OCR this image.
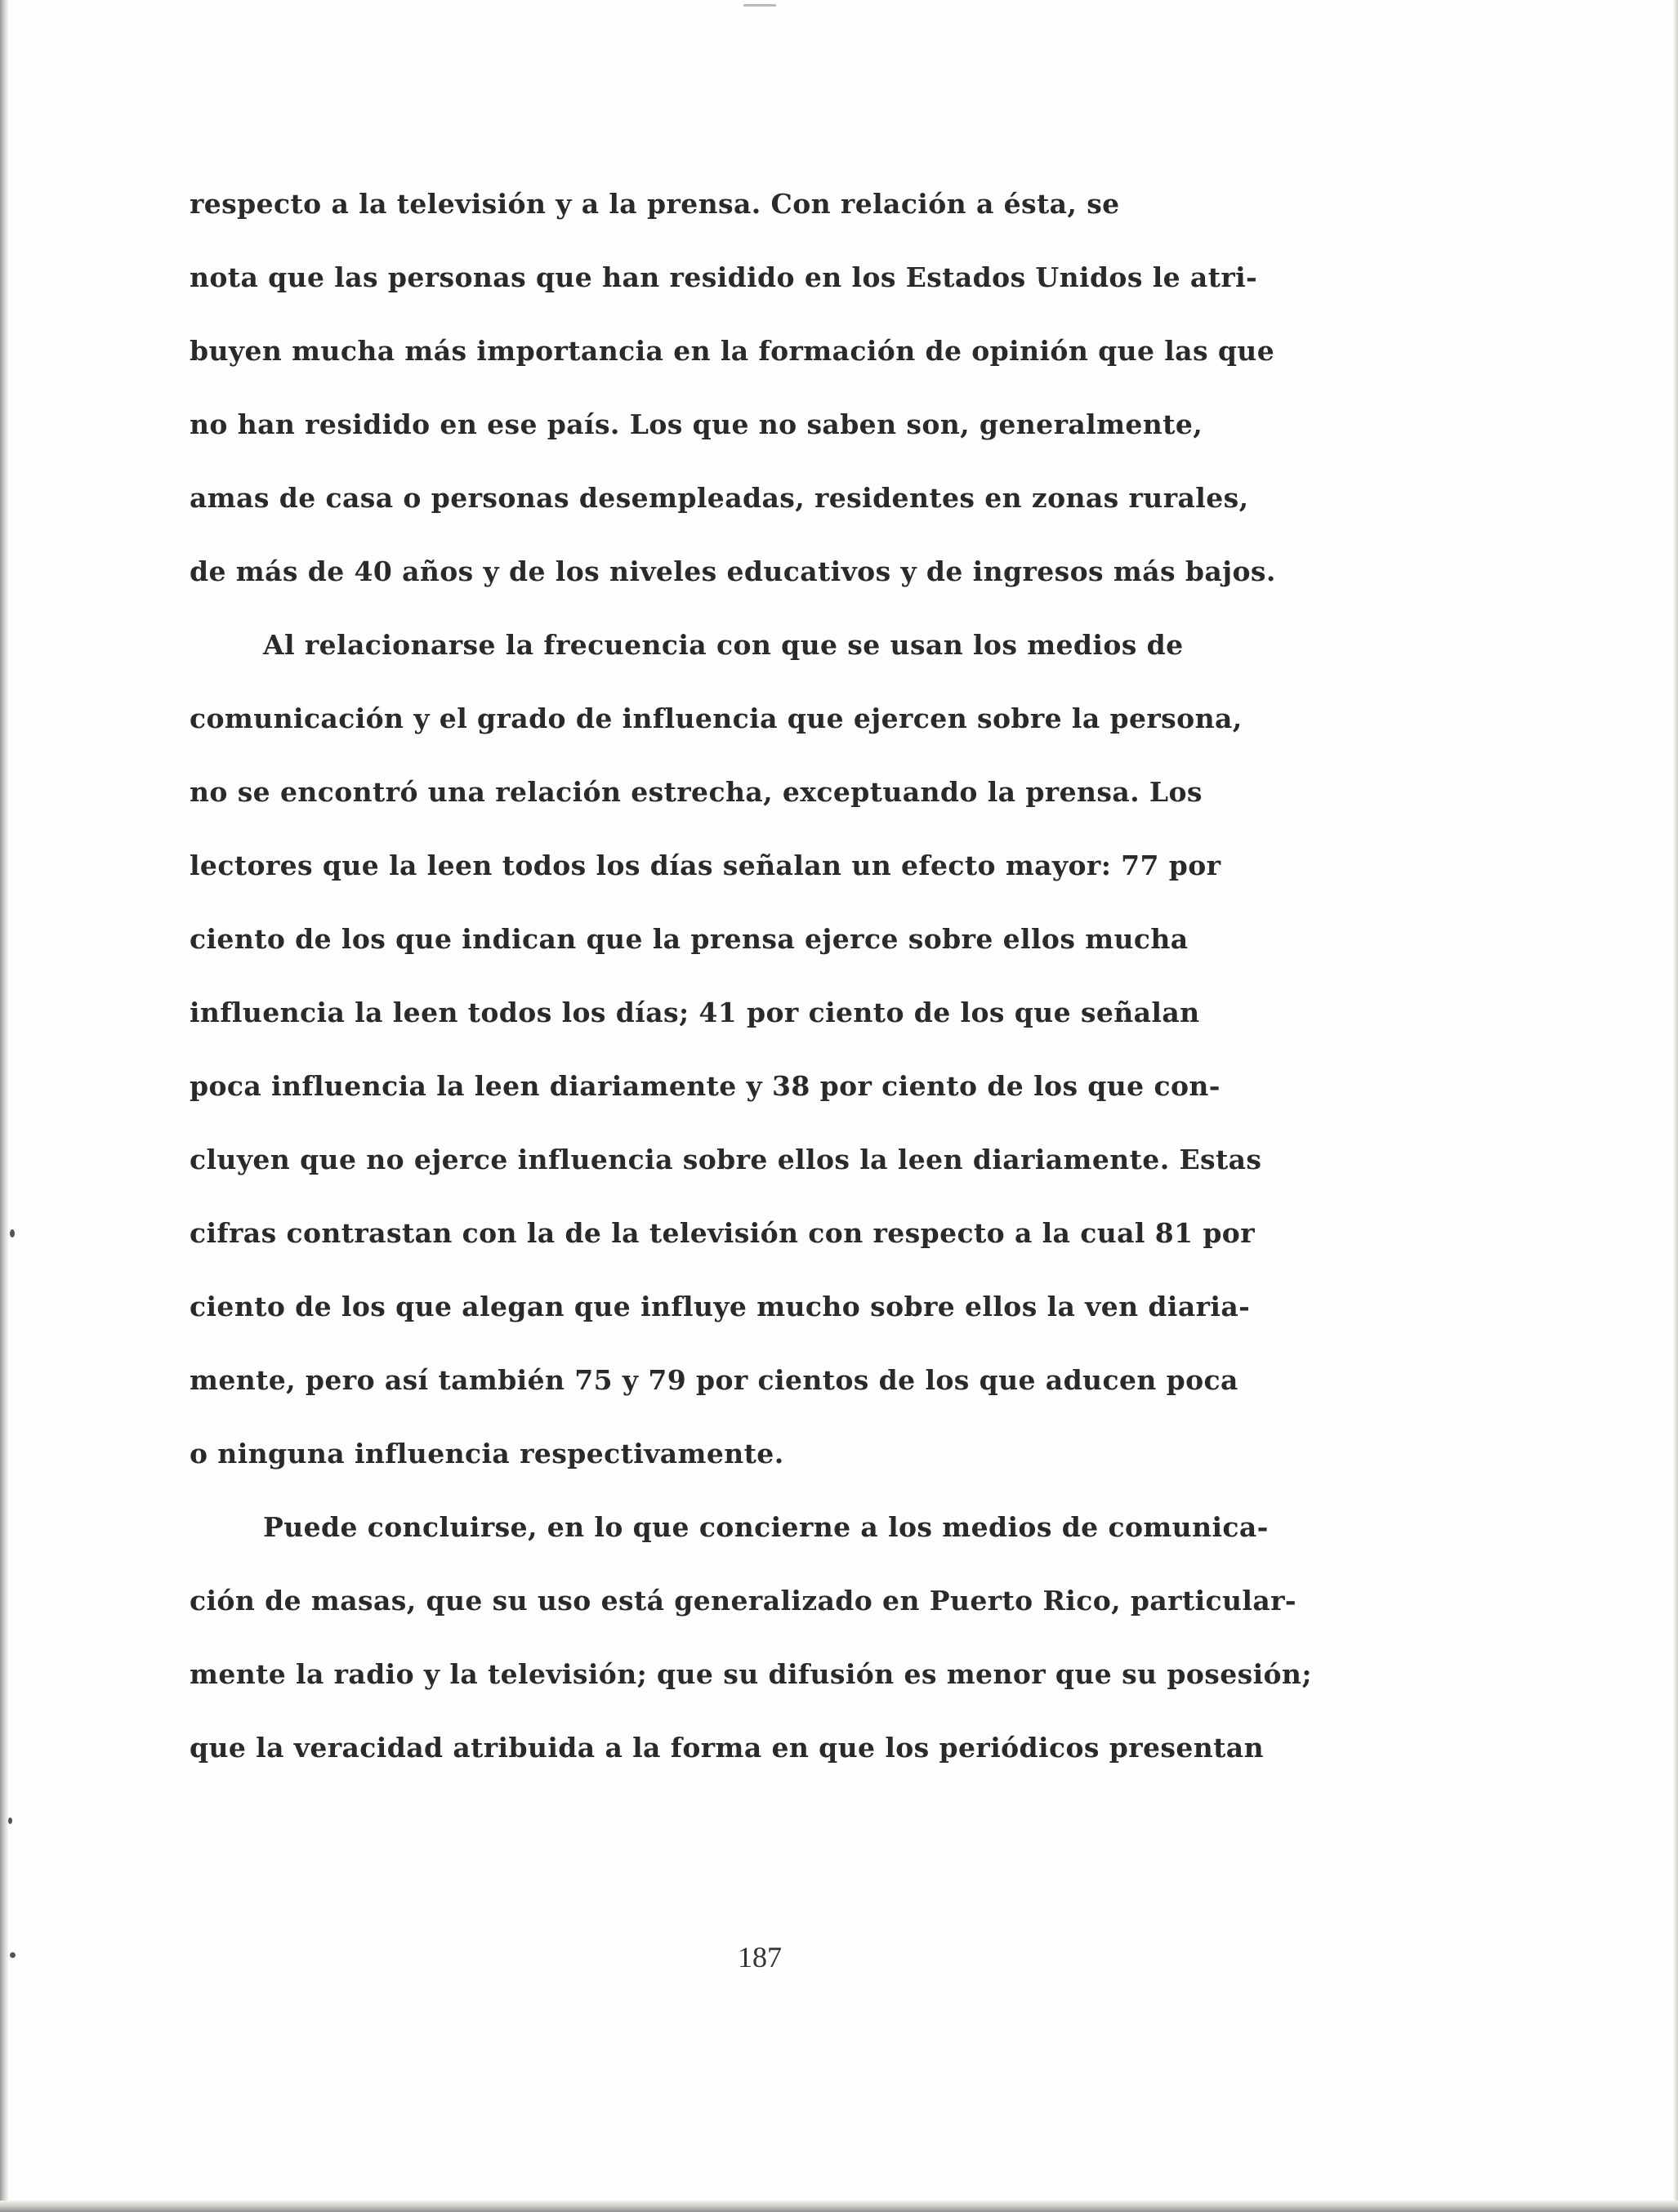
respecto a la televisión y a la prensa. Con relación a ésta, se
nota que las personas que han residido en los Estados Unidos le atri-
buyen mucha más importancia en la formación de opinión que las que
no han residido en ese país. Los que no saben son, generalmente,
amas de casa o personas desempleadas, residentes en zonas rurales,
de más de 40 años y de los niveles educativos y de ingresos más bajos.
Al relacionarse la frecuencia con que se usan los medios de
comunicación y el grado de influencia que ejercen sobre la persona,
no se encontró una relación estrecha, exceptuando la prensa. Los
lectores que la leen todos los días señalan un efecto mayor: 77 por
ciento de los que indican que la prensa ejerce sobre ellos mucha
influencia la leen todos los días; 41 por ciento de los que señalan
poca influencia la leen diariamente y 38 por ciento de los que con-
cluyen que no ejerce influencia sobre ellos la leen diariamente. Estas
cifras contrastan con la de la televisión con respecto a la cual 81 por
ciento de los que alegan que influye mucho sobre ellos la ven diaria-
mente, pero así también 75 y 79 por cientos de los que aducen poca
o ninguna influencia respectivamente.
Puede concluirse, en lo que concierne a los medios de comunica-
ción de masas, que su uso está generalizado en Puerto Rico, particular-
mente la radio y la televisión; que su difusión es menor que su posesión;
que la veracidad atribuida a la forma en que los periódicos presentan
187
